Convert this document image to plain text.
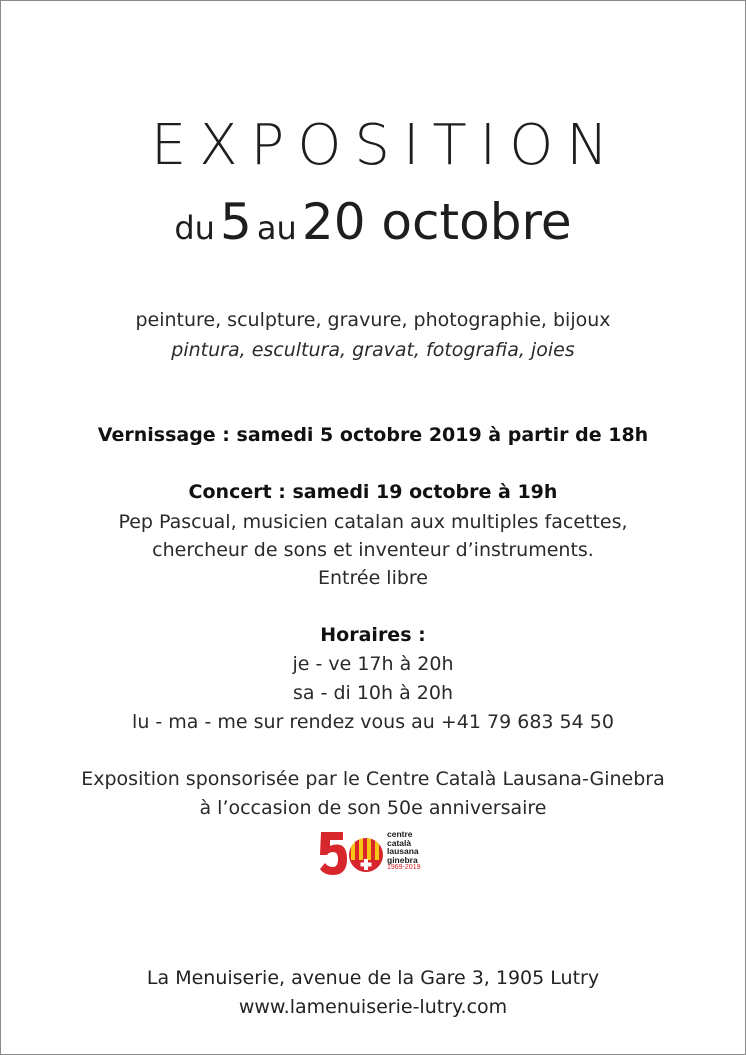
EXPOSITION
du 5 au 20 octobre
peinture, sculpture, gravure, photographie, bijoux
pintura, escultura, gravat, fotografia, joies
Vernissage : samedi 5 octobre 2019 à partir de 18h
Concert : samedi 19 octobre à 19h
Pep Pascual, musicien catalan aux multiples facettes,
chercheur de sons et inventeur d’instruments.
Entrée libre
Horaires :
je - ve 17h à 20h
sa - di 10h à 20h
lu - ma - me sur rendez vous au +41 79 683 54 50
Exposition sponsorisée par le Centre Català Lausana-Ginebra
à l’occasion de son 50e anniversaire
centre
català
lausana
ginebra
1969-2019
La Menuiserie, avenue de la Gare 3, 1905 Lutry
www.lamenuiserie-lutry.com
